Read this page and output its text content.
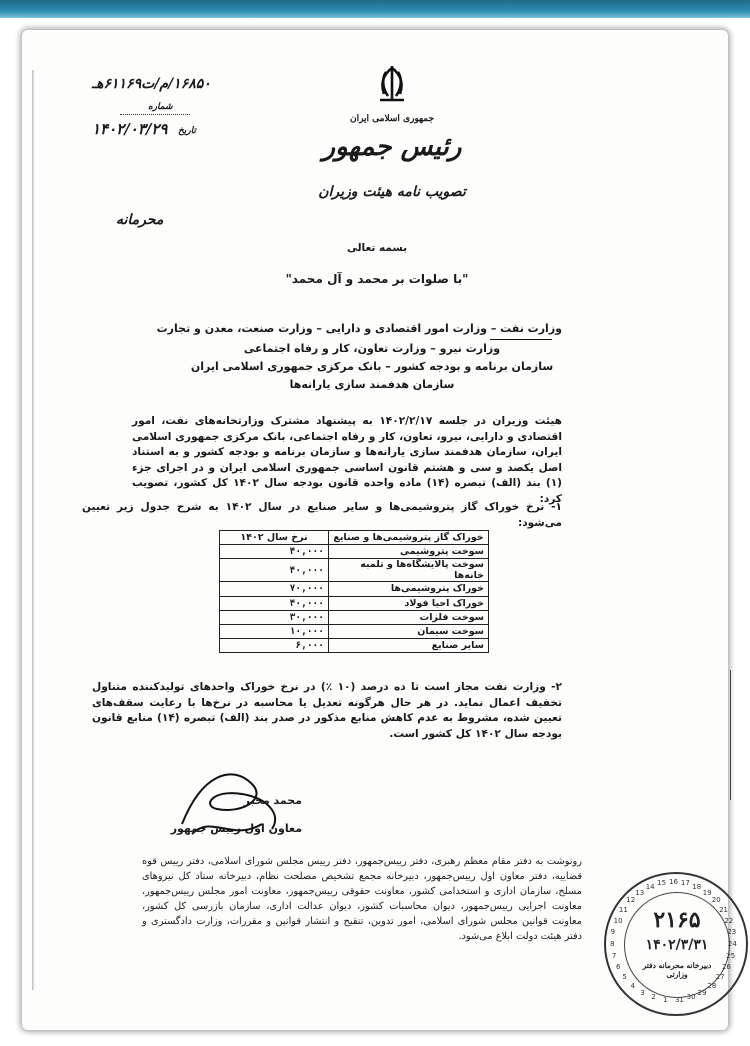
۱۶۸۵۰/م/ت۶۱۱۶۹هـ
شماره
۱۴۰۲/۰۳/۲۹ تاریخ
محرمانه
جمهوری اسلامی ایران
رئیس جمهور
تصویب نامه هیئت وزیران
بسمه تعالی
"با صلوات بر محمد و آل محمد"
وزارت نفت – وزارت امور اقتصادی و دارایی – وزارت صنعت، معدن و تجارت
وزارت نیرو – وزارت تعاون، کار و رفاه اجتماعی
سازمان برنامه و بودجه کشور – بانک مرکزی جمهوری اسلامی ایران
سازمان هدفمند سازی یارانه‌ها
هیئت وزیران در جلسه ۱۴۰۲/۲/۱۷ به پیشنهاد مشترک وزارتخانه‌های نفت، امور اقتصادی و دارایی، نیرو، تعاون، کار و رفاه اجتماعی، بانک مرکزی جمهوری اسلامی ایران، سازمان هدفمند سازی یارانه‌ها و سازمان برنامه و بودجه کشور و به استناد اصل یکصد و سی و هشتم قانون اساسی جمهوری اسلامی ایران و در اجرای جزء (۱) بند (الف) تبصره (۱۴) ماده واحده قانون بودجه سال ۱۴۰۲ کل کشور، تصویب کرد:
۱- نرخ خوراک گاز پتروشیمی‌ها و سایر صنایع در سال ۱۴۰۲ به شرح جدول زیر تعیین می‌شود:
خوراک گاز پتروشیمی‌ها و صنایع	نرخ سال ۱۴۰۲
سوخت پتروشیمی	۴۰,۰۰۰
سوخت پالایشگاه‌ها و تلمبه خانه‌ها	۴۰,۰۰۰
خوراک پتروشیمی‌ها	۷۰,۰۰۰
خوراک احیا فولاد	۴۰,۰۰۰
سوخت فلزات	۳۰,۰۰۰
سوخت سیمان	۱۰,۰۰۰
سایر صنایع	۶,۰۰۰
۲- وزارت نفت مجاز است تا ده درصد (۱۰ ٪) در نرخ خوراک واحدهای تولیدکننده متناول تخفیف اعمال نماید. در هر حال هرگونه تعدیل یا محاسبه در نرخ‌ها با رعایت سقف‌های تعیین شده، مشروط به عدم کاهش منابع مذکور در صدر بند (الف) تبصره (۱۴) منابع قانون بودجه سال ۱۴۰۲ کل کشور است.
محمد مخبر
معاون اول رییس جمهور
رونوشت به دفتر مقام معظم رهبری، دفتر رییس‌جمهور، دفتر رییس مجلس شورای اسلامی، دفتر رییس قوه قضاییه، دفتر معاون اول رییس‌جمهور، دبیرخانه مجمع تشخیص مصلحت نظام، دبیرخانه ستاد کل نیروهای مسلح، سازمان اداری و استخدامی کشور، معاونت حقوقی رییس‌جمهور، معاونت امور مجلس رییس‌جمهور، معاونت اجرایی رییس‌جمهور، دیوان محاسبات کشور، دیوان عدالت اداری، سازمان بازرسی کل کشور، معاونت قوانین مجلس شورای اسلامی، امور تدوین، تنقیح و انتشار قوانین و مقررات، وزارت دادگستری و دفتر هیئت دولت ابلاغ می‌شود.
16 17 18
19
20
21
22
23
24
25
26
27
28
29
30
31
1
2
3
4
5
6
7
8
9
10
11
12
13
14 15
۲۱۶۵
۱۴۰۲/۳/۳۱
دبیرخانه محرمانه دفتر وزارتی
